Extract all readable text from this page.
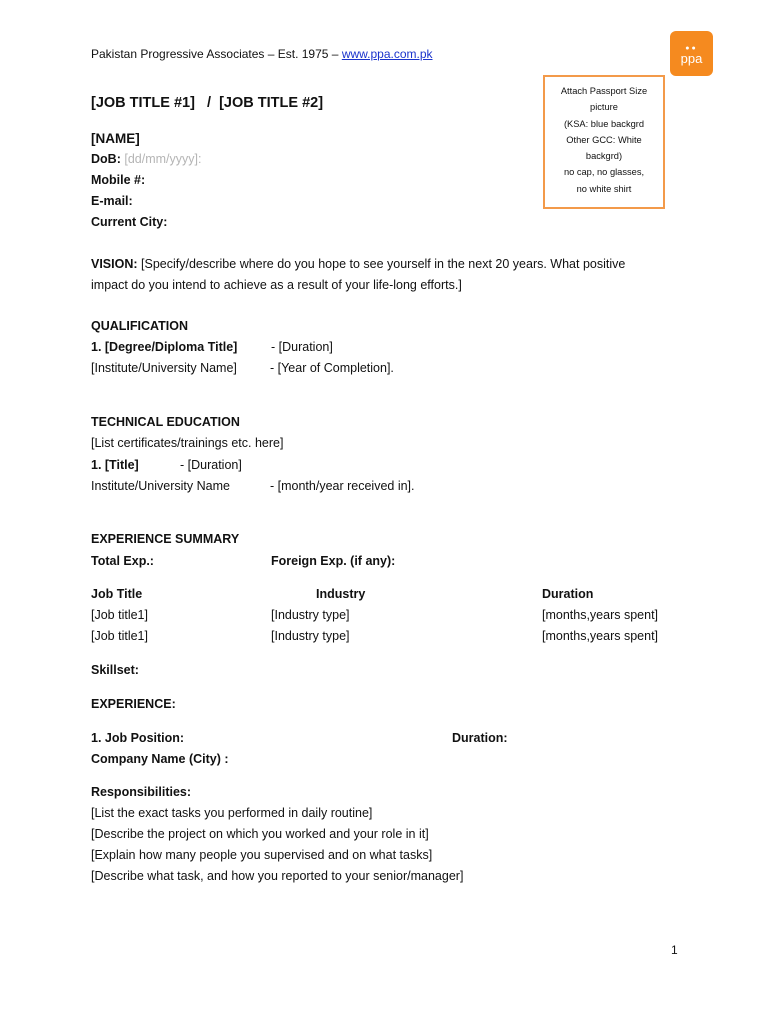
Pakistan Progressive Associates – Est. 1975 – www.ppa.com.pk	●●
ppa
Attach Passport Size
picture
(KSA: blue backgrd
Other GCC: White
backgrd)
no cap, no glasses,
no white shirt
[JOB TITLE #1]   /  [JOB TITLE #2]
[NAME]
DoB: [dd/mm/yyyy]:
Mobile #:
E-mail:
Current City:
VISION: [Specify/describe where do you hope to see yourself in the next 20 years. What positive
impact do you intend to achieve as a result of your life-long efforts.]
QUALIFICATION
1. [Degree/Diploma Title]	- [Duration]
[Institute/University Name]	- [Year of Completion].
TECHNICAL EDUCATION
[List certificates/trainings etc. here]
1. [Title]	- [Duration]
Institute/University Name	- [month/year received in].
EXPERIENCE SUMMARY
Total Exp.:	Foreign Exp. (if any):
Job Title	Industry	Duration
[Job title1]	[Industry type]	[months,years spent]
[Job title1]	[Industry type]	[months,years spent]
Skillset:
EXPERIENCE:
1. Job Position:	Duration:
Company Name (City) :
Responsibilities:
[List the exact tasks you performed in daily routine]
[Describe the project on which you worked and your role in it]
[Explain how many people you supervised and on what tasks]
[Describe what task, and how you reported to your senior/manager]
1
